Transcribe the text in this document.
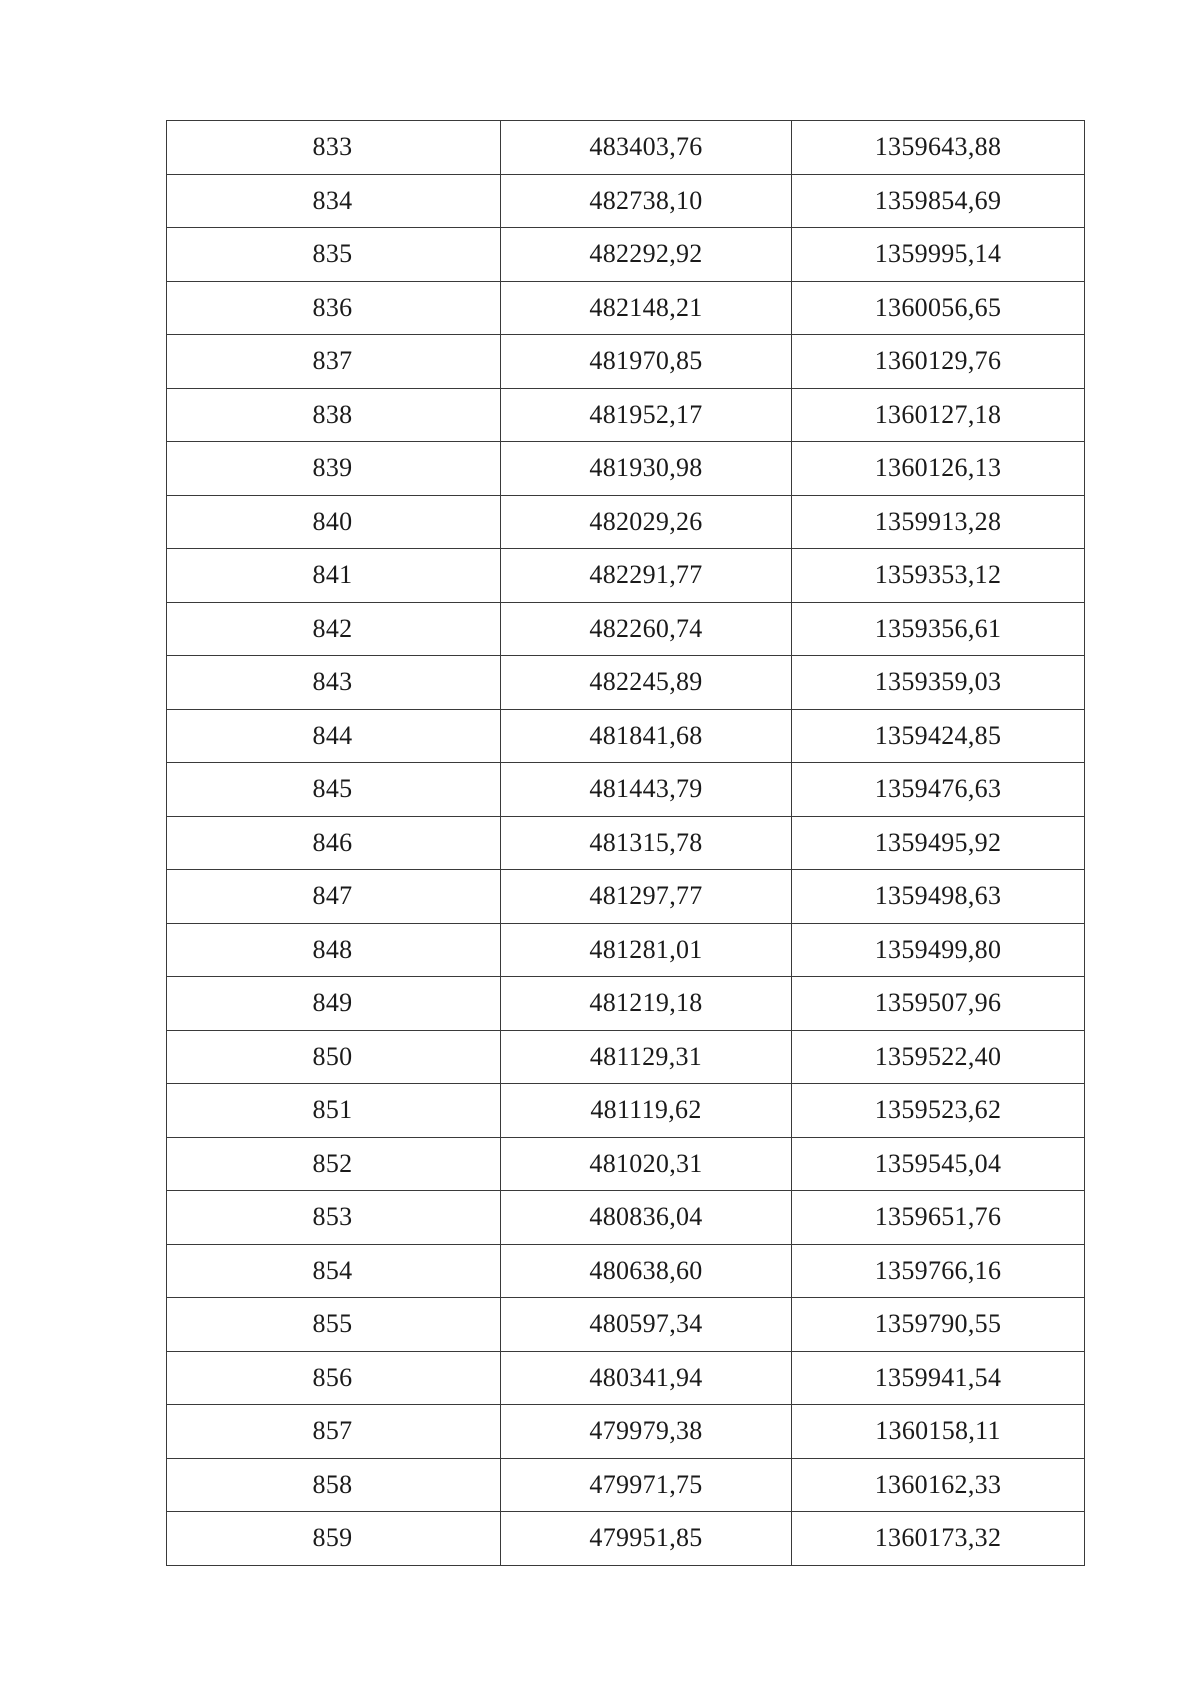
833	483403,76	1359643,88
834	482738,10	1359854,69
835	482292,92	1359995,14
836	482148,21	1360056,65
837	481970,85	1360129,76
838	481952,17	1360127,18
839	481930,98	1360126,13
840	482029,26	1359913,28
841	482291,77	1359353,12
842	482260,74	1359356,61
843	482245,89	1359359,03
844	481841,68	1359424,85
845	481443,79	1359476,63
846	481315,78	1359495,92
847	481297,77	1359498,63
848	481281,01	1359499,80
849	481219,18	1359507,96
850	481129,31	1359522,40
851	481119,62	1359523,62
852	481020,31	1359545,04
853	480836,04	1359651,76
854	480638,60	1359766,16
855	480597,34	1359790,55
856	480341,94	1359941,54
857	479979,38	1360158,11
858	479971,75	1360162,33
859	479951,85	1360173,32
